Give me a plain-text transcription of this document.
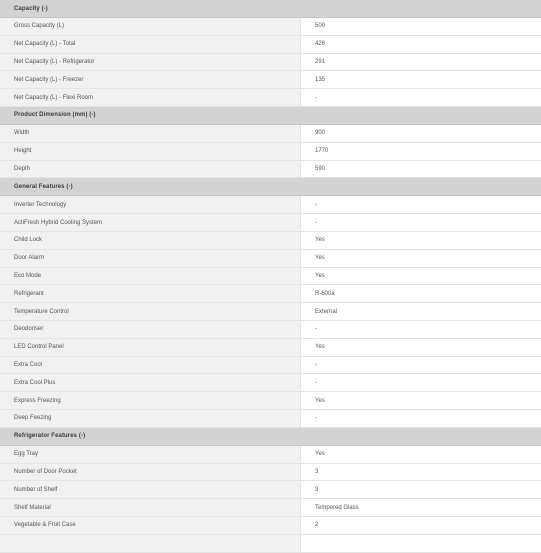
Capacity (-)
Gross Capacity (L)	500
Net Capacity (L) - Total	426
Net Capacity (L) - Refrigerator	291
Net Capacity (L) - Freezer	135
Net Capacity (L) - Flexi Room	-
Product Dimension (mm) (-)
Width	900
Height	1770
Depth	590
General Features (-)
Inverter Technology	-
ActiFresh Hybrid Cooling System	-
Child Lock	Yes
Door Alarm	Yes
Eco Mode	Yes
Refrigerant	R-600a
Temperature Control	External
Deodoriser	-
LED Control Panel	Yes
Extra Cool	-
Extra Cool Plus	-
Express Freezing	Yes
Deep Feezing	-
Refrigerator Features (-)
Egg Tray	Yes
Number of Door Pocket	3
Number of Shelf	3
Shelf Material	Tempered Glass
Vegetable & Fruit Case	2
